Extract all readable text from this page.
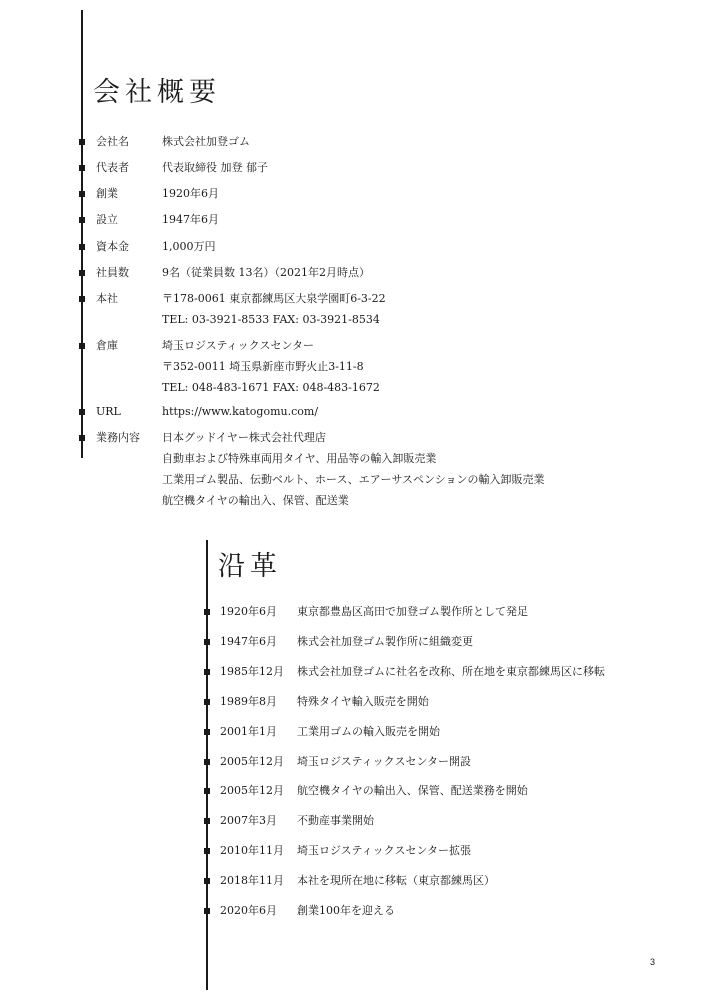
会社概要
会社名	株式会社加登ゴム
代表者	代表取締役 加登 郁子
創業	1920年6月
設立	1947年6月
資本金	1,000万円
社員数	9名（従業員数 13名）（2021年2月時点）
本社	〒178-0061 東京都練馬区大泉学園町6-3-22
TEL: 03-3921-8533 FAX: 03-3921-8534
倉庫	埼玉ロジスティックスセンター
〒352-0011 埼玉県新座市野火止3-11-8
TEL: 048-483-1671 FAX: 048-483-1672
URL	https://www.katogomu.com/
業務内容 日本グッドイヤー株式会社代理店
自動車および特殊車両用タイヤ、用品等の輸入卸販売業
工業用ゴム製品、伝動ベルト、ホース、エアーサスペンションの輸入卸販売業
航空機タイヤの輸出入、保管、配送業
沿革
1920年6月 東京都豊島区高田で加登ゴム製作所として発足
1947年6月 株式会社加登ゴム製作所に組織変更
1985年12月 株式会社加登ゴムに社名を改称、所在地を東京都練馬区に移転
1989年8月 特殊タイヤ輸入販売を開始
2001年1月 工業用ゴムの輸入販売を開始
2005年12月 埼玉ロジスティックスセンター開設
2005年12月 航空機タイヤの輸出入、保管、配送業務を開始
2007年3月 不動産事業開始
2010年11月 埼玉ロジスティックスセンター拡張
2018年11月 本社を現所在地に移転（東京都練馬区）
2020年6月 創業100年を迎える
3
